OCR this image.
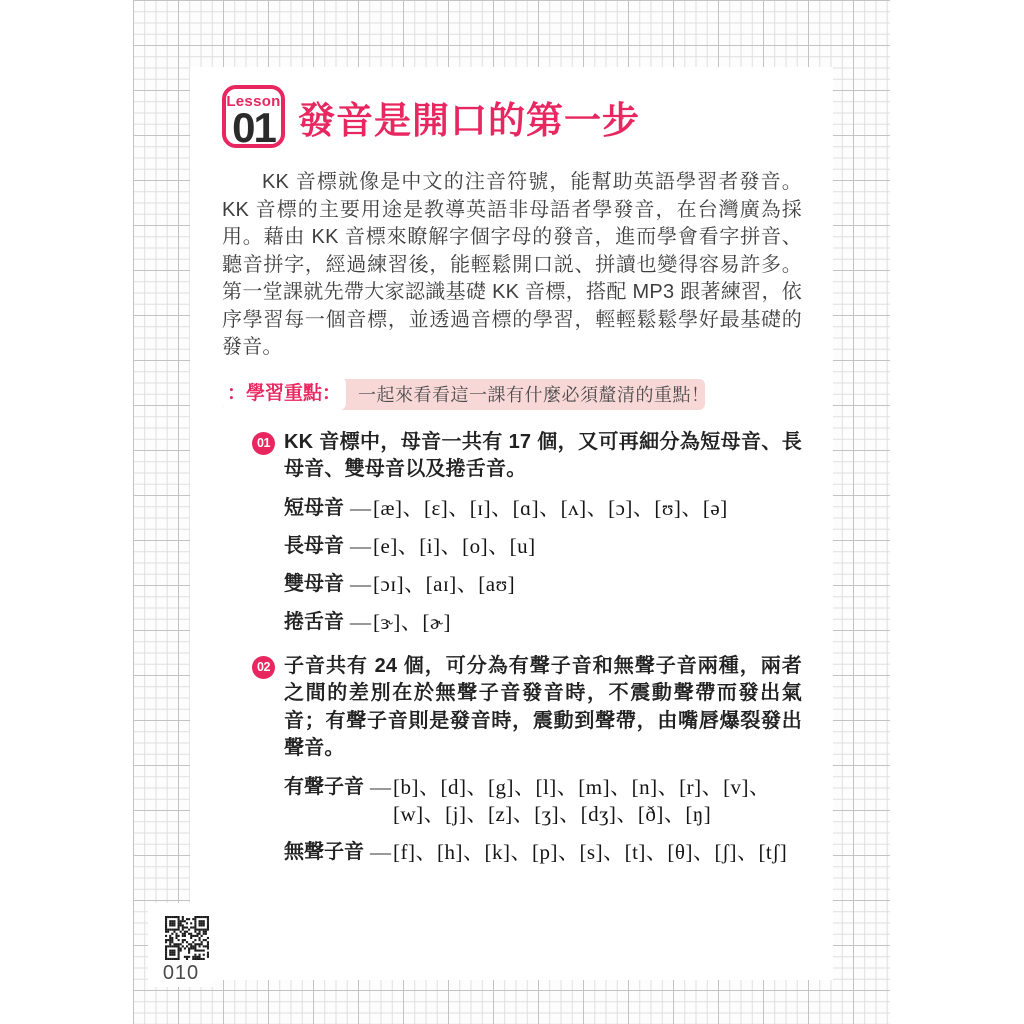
Lesson
01 發音是開口的第一步

KK 音標就像是中文的注音符號，能幫助英語學習者發音。KK 音標的主要用途是教導英語非母語者學發音，在台灣廣為採用。藉由 KK 音標來瞭解字個字母的發音，進而學會看字拼音、聽音拼字，經過練習後，能輕鬆開口説、拼讀也變得容易許多。第一堂課就先帶大家認識基礎 KK 音標，搭配 MP3 跟著練習，依序學習每一個音標，並透過音標的學習，輕輕鬆鬆學好最基礎的發音。

：學習重點： 一起來看看這一課有什麼必須釐清的重點！
01 KK 音標中，母音一共有 17 個，又可再細分為短母音、長母音、雙母音以及捲舌音。
短母音 — [æ]、[ɛ]、[ɪ]、[ɑ]、[ʌ]、[ɔ]、[ʊ]、[ə]
長母音 — [e]、[i]、[o]、[u]
雙母音 — [ɔɪ]、[aɪ]、[aʊ]
捲舌音 — [ɝ]、[ɚ]
02 子音共有 24 個，可分為有聲子音和無聲子音兩種，兩者之間的差別在於無聲子音發音時，不震動聲帶而發出氣音；有聲子音則是發音時，震動到聲帶，由嘴唇爆裂發出聲音。
有聲子音 — [b]、[d]、[g]、[l]、[m]、[n]、[r]、[v]、[w]、[j]、[z]、[ʒ]、[dʒ]、[ð]、[ŋ]
無聲子音 — [f]、[h]、[k]、[p]、[s]、[t]、[θ]、[ʃ]、[tʃ]
010
